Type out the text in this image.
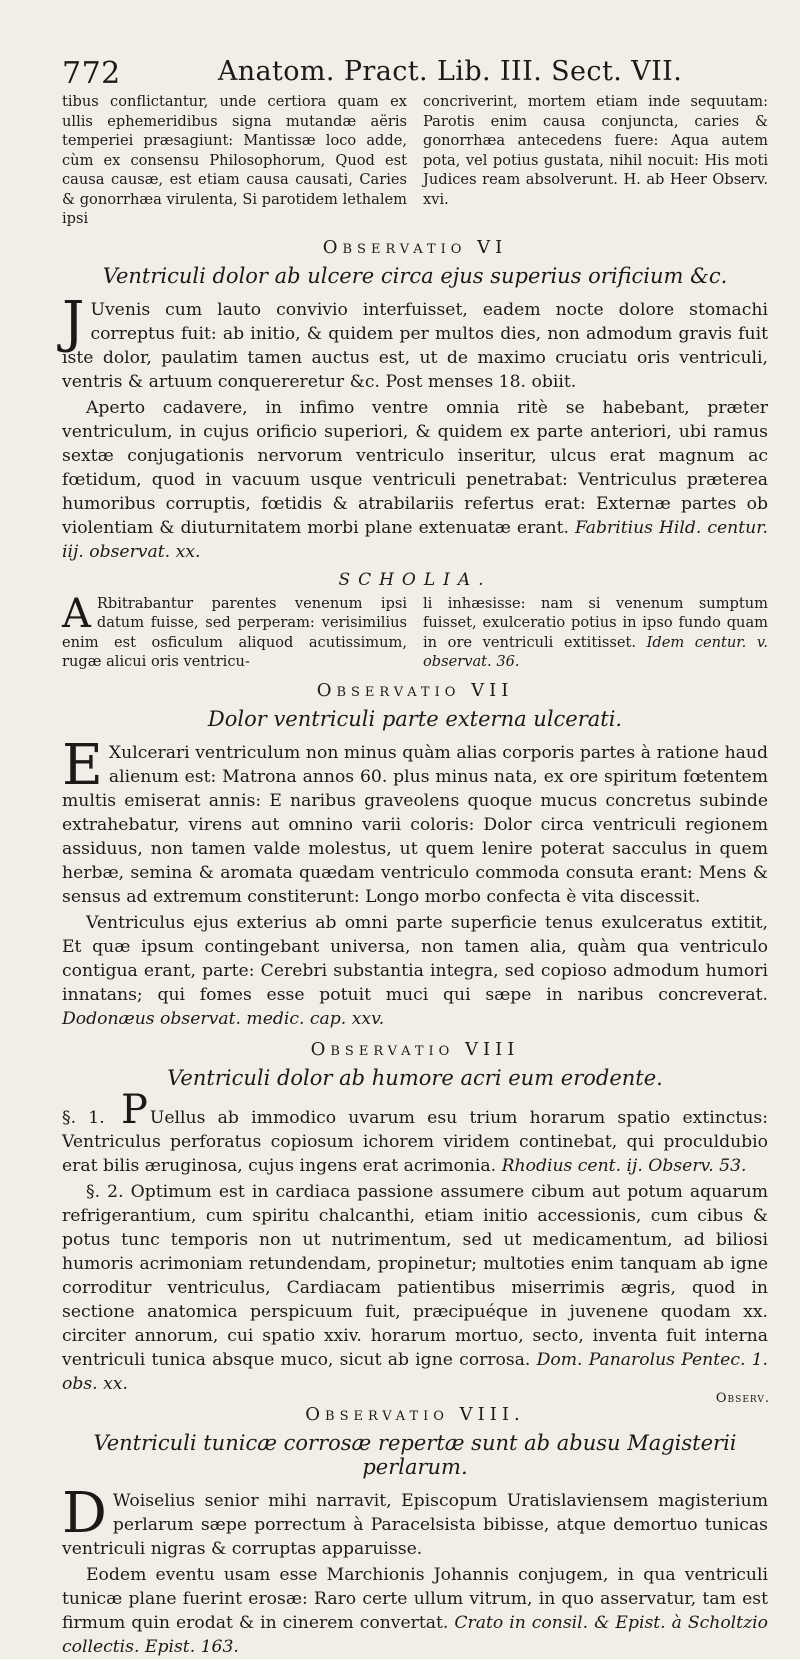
772	Anatom. Pract. Lib. III. Sect. VII.
tibus conflictantur, unde certiora quam ex ullis ephemeridibus signa mutandæ aëris temperiei præsagiunt: Mantissæ loco adde, cùm ex consensu Philosophorum, Quod est causa causæ, est etiam causa causati, Caries & gonorrhæa virulenta, Si parotidem lethalem ipsi
concriverint, mortem etiam inde sequutam: Parotis enim causa conjuncta, caries & gonorrhæa antecedens fuere: Aqua autem pota, vel potius gustata, nihil nocuit: His moti Judices ream absolverunt. H. ab Heer Observ. xvi.
Observatio VI
Ventriculi dolor ab ulcere circa ejus superius orificium &c.

J Uvenis cum lauto convivio interfuisset, eadem nocte dolore stomachi correptus fuit: ab initio, & quidem per multos dies, non admodum gravis fuit iste dolor, paulatim tamen auctus est, ut de maximo cruciatu oris ventriculi, ventris & artuum conquereretur &c. Post menses 18. obiit.

Aperto cadavere, in infimo ventre omnia ritè se habebant, præter ventriculum, in cujus orificio superiori, & quidem ex parte anteriori, ubi ramus sextæ conjugationis nervorum ventriculo inseritur, ulcus erat magnum ac fœtidum, quod in vacuum usque ventriculi penetrabat: Ventriculus præterea humoribus corruptis, fœtidis & atrabilariis refertus erat: Externæ partes ob violentiam & diuturnitatem morbi plane extenuatæ erant. Fabritius Hild. centur. iij. observat. xx.

SCHOLIA.
A Rbitrabantur parentes venenum ipsi datum fuisse, sed perperam: verisimilius enim est osficulum aliquod acutissimum, rugæ alicui oris ventricu-
li inhæsisse: nam si venenum sumptum fuisset, exulceratio potius in ipso fundo quam in ore ventriculi extitisset. Idem centur. v. observat. 36.
Observatio VII
Dolor ventriculi parte externa ulcerati.

E Xulcerari ventriculum non minus quàm alias corporis partes à ratione haud alienum est: Matrona annos 60. plus minus nata, ex ore spiritum fœtentem multis emiserat annis: E naribus graveolens quoque mucus concretus subinde extrahebatur, virens aut omnino varii coloris: Dolor circa ventriculi regionem assiduus, non tamen valde molestus, ut quem lenire poterat sacculus in quem herbæ, semina & aromata quædam ventriculo commoda consuta erant: Mens & sensus ad extremum constiterunt: Longo morbo confecta è vita discessit.

Ventriculus ejus exterius ab omni parte superficie tenus exulceratus extitit, Et quæ ipsum contingebant universa, non tamen alia, quàm qua ventriculo contigua erant, parte: Cerebri substantia integra, sed copioso admodum humori innatans; qui fomes esse potuit muci qui sæpe in naribus concreverat. Dodonæus observat. medic. cap. xxv.

Observatio VIII
Ventriculi dolor ab humore acri eum erodente.

§. 1. P Uellus ab immodico uvarum esu trium horarum spatio extinctus: Ventriculus perforatus copiosum ichorem viridem continebat, qui proculdubio erat bilis æruginosa, cujus ingens erat acrimonia. Rhodius cent. ij. Observ. 53.

§. 2. Optimum est in cardiaca passione assumere cibum aut potum aquarum refrigerantium, cum spiritu chalcanthi, etiam initio accessionis, cum cibus & potus tunc temporis non ut nutrimentum, sed ut medicamentum, ad biliosi humoris acrimoniam retundendam, propinetur; multoties enim tanquam ab igne corroditur ventriculus, Cardiacam patientibus miserrimis ægris, quod in sectione anatomica perspicuum fuit, præcipuéque in juvenene quodam xx. circiter annorum, cui spatio xxiv. horarum mortuo, secto, inventa fuit interna ventriculi tunica absque muco, sicut ab igne corrosa. Dom. Panarolus Pentec. 1. obs. xx.

Observatio VIII.
Ventriculi tunicæ corrosæ repertæ sunt ab abusu Magisterii perlarum.

D Woiselius senior mihi narravit, Episcopum Uratislaviensem magisterium perlarum sæpe porrectum à Paracelsista bibisse, atque demortuo tunicas ventriculi nigras & corruptas apparuisse.

Eodem eventu usam esse Marchionis Johannis conjugem, in qua ventriculi tunicæ plane fuerint erosæ: Raro certe ullum vitrum, in quo asservatur, tam est firmum quin erodat & in cinerem convertat. Crato in consil. & Epist. à Scholtzio collectis. Epist. 163.

Observ.
